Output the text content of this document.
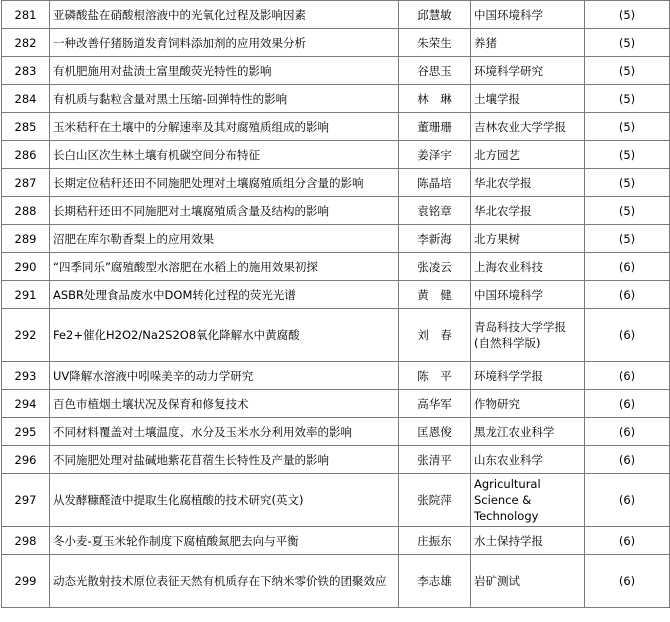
281	亚磷酸盐在硝酸根溶液中的光氧化过程及影响因素	邱慧敏	中国环境科学	(5)
282	一种改善仔猪肠道发育饲料添加剂的应用效果分析	朱荣生	养猪	(5)
283	有机肥施用对盐渍土富里酸荧光特性的影响	谷思玉	环境科学研究	(5)
284	有机质与黏粒含量对黑土压缩-回弹特性的影响	林　琳	土壤学报	(5)
285	玉米秸秆在土壤中的分解速率及其对腐殖质组成的影响	董珊珊	吉林农业大学学报	(5)
286	长白山区次生林土壤有机碳空间分布特征	姜泽宇	北方园艺	(5)
287	长期定位秸秆还田不同施肥处理对土壤腐殖质组分含量的影响	陈晶培	华北农学报	(5)
288	长期秸秆还田不同施肥对土壤腐殖质含量及结构的影响	袁铭章	华北农学报	(5)
289	沼肥在库尔勒香梨上的应用效果	李新海	北方果树	(5)
290	“四季同乐”腐殖酸型水溶肥在水稻上的施用效果初探	张凌云	上海农业科技	(6)
291	ASBR处理食品废水中DOM转化过程的荧光光谱	黄　健	中国环境科学	(6)
292	Fe2+催化H2O2/Na2S2O8氧化降解水中黄腐酸	刘　春	青岛科技大学学报(自然科学版)	(6)
293	UV降解水溶液中吲哚美辛的动力学研究	陈　平	环境科学学报	(6)
294	百色市植烟土壤状况及保育和修复技术	高华军	作物研究	(6)
295	不同材料覆盖对土壤温度、水分及玉米水分利用效率的影响	匡恩俊	黑龙江农业科学	(6)
296	不同施肥处理对盐碱地紫花苜蓿生长特性及产量的影响	张清平	山东农业科学	(6)
297	从发酵糠醛渣中提取生化腐植酸的技术研究(英文)	张院萍	Agricultural Science & Technology	(6)
298	冬小麦-夏玉米轮作制度下腐植酸氮肥去向与平衡	庄振东	水土保持学报	(6)
299	动态光散射技术原位表征天然有机质存在下纳米零价铁的团聚效应	李志雄	岩矿测试	(6)
